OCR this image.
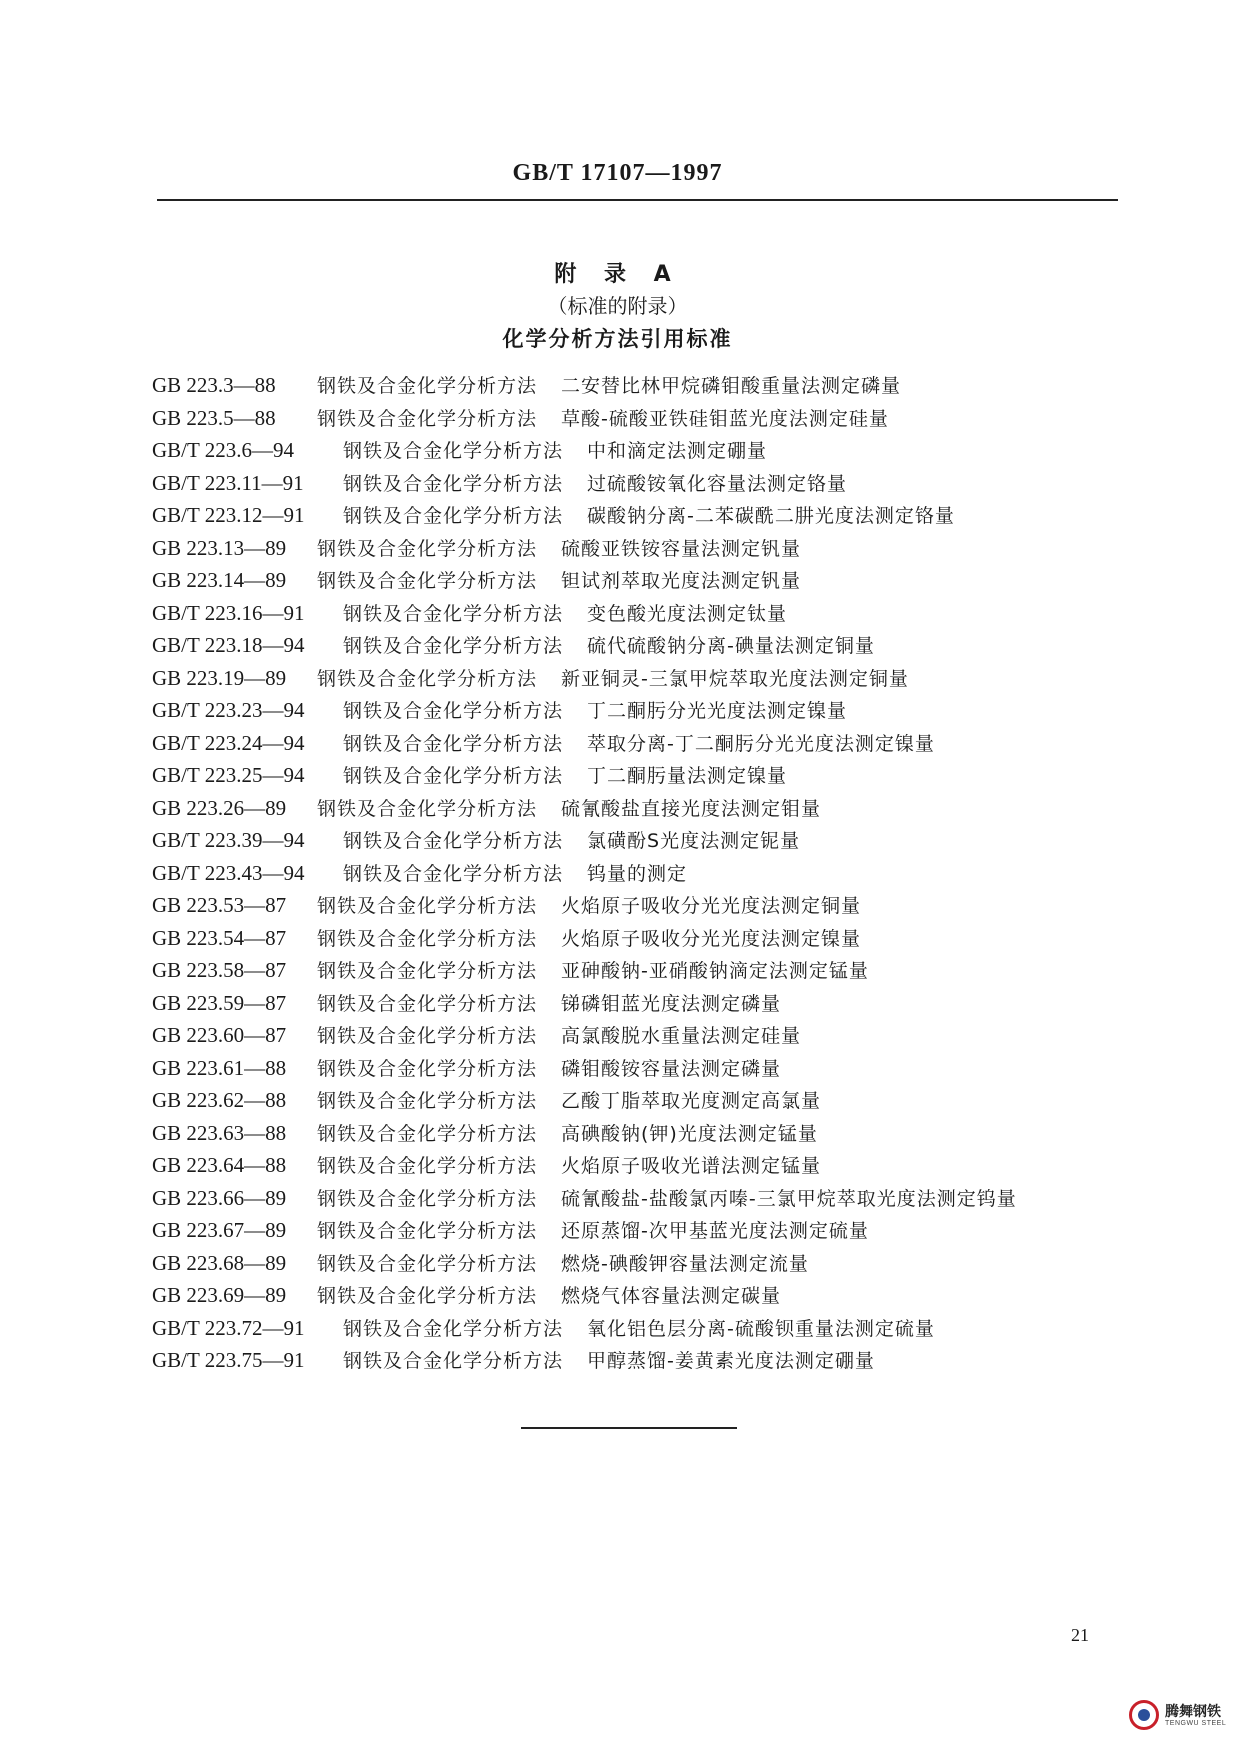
GB/T 17107—1997
附 录 A
（标准的附录）
化学分析方法引用标准
GB 223.3—88 钢铁及合金化学分析方法 二安替比林甲烷磷钼酸重量法测定磷量
GB 223.5—88 钢铁及合金化学分析方法 草酸-硫酸亚铁硅钼蓝光度法测定硅量
GB/T 223.6—94	钢铁及合金化学分析方法 中和滴定法测定硼量
GB/T 223.11—91 钢铁及合金化学分析方法 过硫酸铵氧化容量法测定铬量
GB/T 223.12—91 钢铁及合金化学分析方法 碳酸钠分离-二苯碳酰二肼光度法测定铬量
GB 223.13—89 钢铁及合金化学分析方法 硫酸亚铁铵容量法测定钒量
GB 223.14—89 钢铁及合金化学分析方法 钽试剂萃取光度法测定钒量
GB/T 223.16—91 钢铁及合金化学分析方法 变色酸光度法测定钛量
GB/T 223.18—94 钢铁及合金化学分析方法 硫代硫酸钠分离-碘量法测定铜量
GB 223.19—89 钢铁及合金化学分析方法 新亚铜灵-三氯甲烷萃取光度法测定铜量
GB/T 223.23—94 钢铁及合金化学分析方法 丁二酮肟分光光度法测定镍量
GB/T 223.24—94 钢铁及合金化学分析方法 萃取分离-丁二酮肟分光光度法测定镍量
GB/T 223.25—94 钢铁及合金化学分析方法 丁二酮肟量法测定镍量
GB 223.26—89 钢铁及合金化学分析方法 硫氰酸盐直接光度法测定钼量
GB/T 223.39—94 钢铁及合金化学分析方法 氯磺酚S光度法测定铌量
GB/T 223.43—94 钢铁及合金化学分析方法 钨量的测定
GB 223.53—87 钢铁及合金化学分析方法 火焰原子吸收分光光度法测定铜量
GB 223.54—87 钢铁及合金化学分析方法 火焰原子吸收分光光度法测定镍量
GB 223.58—87 钢铁及合金化学分析方法 亚砷酸钠-亚硝酸钠滴定法测定锰量
GB 223.59—87 钢铁及合金化学分析方法 锑磷钼蓝光度法测定磷量
GB 223.60—87 钢铁及合金化学分析方法 高氯酸脱水重量法测定硅量
GB 223.61—88 钢铁及合金化学分析方法 磷钼酸铵容量法测定磷量
GB 223.62—88 钢铁及合金化学分析方法 乙酸丁脂萃取光度测定高氯量
GB 223.63—88 钢铁及合金化学分析方法 高碘酸钠(钾)光度法测定锰量
GB 223.64—88 钢铁及合金化学分析方法 火焰原子吸收光谱法测定锰量
GB 223.66—89 钢铁及合金化学分析方法 硫氰酸盐-盐酸氯丙嗪-三氯甲烷萃取光度法测定钨量
GB 223.67—89 钢铁及合金化学分析方法 还原蒸馏-次甲基蓝光度法测定硫量
GB 223.68—89 钢铁及合金化学分析方法 燃烧-碘酸钾容量法测定流量
GB 223.69—89 钢铁及合金化学分析方法 燃烧气体容量法测定碳量
GB/T 223.72—91 钢铁及合金化学分析方法 氧化铝色层分离-硫酸钡重量法测定硫量
GB/T 223.75—91 钢铁及合金化学分析方法 甲醇蒸馏-姜黄素光度法测定硼量
21
腾舞钢铁
TENGWU STEEL
